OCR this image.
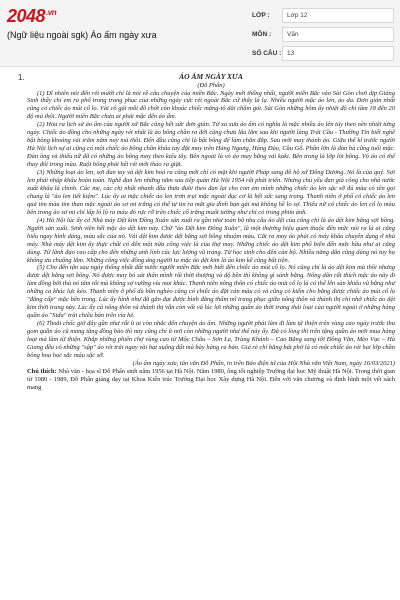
$2048^{.vn}$
(Ngữ liệu ngoài sgk) Áo ấm ngày xưa
LỚP :	Lớp 12
MÔN :	Văn
SỐ CÂU : 13
1.	ÁO ẤM NGÀY XƯA
(Đỗ Phấn)

(1) Dĩ nhiên nói đến rét mướt chỉ là nói về câu chuyện của miền Bắc. Ngày mới thống nhất, người miền Bắc vào Sài Gòn chơi dịp Giáng Sinh thấy chỉ em ra phố trong trang phục của những ngày cực rét ngoài Bắc cứ thấy là lạ. Nhiều người mặc áo len, áo da. Đơn giản nhất cũng có chiếc áo mút cổ lọ. Vài cô gái mỗi đồ chớt còn khoác chiếc măng-tô dài chấm gót. Sài Gòn những hôm ấy nhiệt độ chỉ tầm 18 đến 20 độ mà thôi. Người miền Bắc chưa ai phải mặc đến áo ấm.

(2) Hỏa ra lịch sử áo ấm của người xứ Bắc cũng hết sức đơn giản. Từ xa xưa áo ấm có nghĩa là mặc nhiều áo lên tủy theo nền nhiệt từng ngày. Chiếc áo đồng cho những ngày rét nhất là áo bông chần ra đời cũng chưa lâu lắm sau khi người làng Trát Cầu - Thường Tín biết nghề bật bông khoảng vài trăm năm nay mà thôi. Đến đầu cũng chỉ là bật bông để làm chăn đắp. Sau mới may thành áo. Giữa thế kỉ trước người Hà Nội lịch sự ai cũng có một chiếc áo bông chần khâu tay đặt may trên Hàng Ngang, Hàng Đào, Cầu Gỗ. Phần lớn là đàn bà cũng tuổi mặc. Đàn ông và thiếu nữ đã có những áo bông may theo kiểu tây. Bên ngoài là vỏ áo may bằng vải kaki. Bên trong là lớp lót bông. Vỏ áo có thể thay đổi trong mùa. Ruột bông phải hết rét mới tháo ra giặt.

(3) Những loại áo len, sợi đan tay và dệt kim hoá ra cũng mới chỉ có mặt khi người Pháp sang đô hộ xứ Đông Dương. Nó là của quý. Sợi len phải nhập khẩu hoàn toàn. Nghề đan len những năm sau tiếp quản Hà Nội 1954 rất phát triển. Nhưng chủ yếu đan giả công cho nhà nước xuất khẩu là chính. Các mẹ, các chị nhất nhanh đầu thưa đuôi theo đan lại cho con em mình những chiếc áo len sặc sỡ đủ màu có tên gọi chung là "áo len tiết kiệm". Lúc ấy ai mặc chiếc áo len trơn trụi mặc ngoài đục cơ là hết sức sang trọng. Thanh niên ở phố có chiếc áo len quả tim màu tím than mặc ngoài áo sơ mi trắng có thể tự tin ra mắt gia đình bạn gái mà không hề lo sợ. Thiếu nữ có chiếc áo len cổ lọ màu bên trong áo sơ mi chỉ lấp ló lộ ra màu đỏ rực rỡ trên chiếc cổ trắng muốt tướng như chỉ có trong phim ảnh.

(4) Hà Nội lúc ấy có Nhà máy Dệt kim Đông Xuân sản xuất ra gần như toàn bộ nhu cầu áo dệt của công chỉ là áo dệt kim bằng sợi bông. Người sản xuất. Sinh viên hết mặc áo dệt kim này. Chữ "áo Dệt kim Đông Xuân", là một thương hiệu quen thuộc đến mức nói ra là ai cũng hiểu ngay hình dáng, màu sắc của nó. Vài dệt kim được dệt bằng sợi bông nhuộm màu. Cắt ra may áo phải có máy khâu chuyên dụng ở nhà máy. Nhà máy dệt kim ấy thực chất có đến một nửa công việc là của thợ may. Những chiếc áo dệt kim phổ biến đến mức hầu như ai cũng dùng. Từ lãnh đạo cao cấp cho đến những anh lính các lực lượng vũ trang. Từ học sinh cho đến cán bộ. Nhiều năng dân cũng dùng nó tuy họ không ưa chuộng lắm. Những công việc đồng áng người ta mặc áo dệt kim là áo kim kế cũng bất tiện.

(5) Cho đến tận sau ngày thống nhất đất nước người miền Bắc mới biết đến chiếc áo mút cổ lọ. Nó cũng chỉ là áo dệt kim mà thôi nhưng được dệt bằng sợi bông. Nó được may bó sát thân mình rất thời thượng và độ bền thì không gì sánh bằng. Nông dân rất thích mặc áo này đi làm đồng bởi thà nó tăm tối mà không sợ vướng víu mọi khác. Thanh niên nông thôn có chiếc áo mút cổ lọ là có thể lên sàn khiêu vũ bằng như những ca khúc lực kéo. Thanh niên ở phố dù bần nghèo cũng có chiếc áo đặt cản màu có và cũng có kiếm cho bằng được chiếc áo mút cổ lọ "đẳng cấp" mặc bên trong. Lúc ấy hình như đã gắn đạt được bình đẳng thẩm mĩ trang phục giữa nông thôn và thành thị chỉ nhờ chiếc áo dệt kim thời trang này. Lúc ấy cả nông thôn và thành thị vẫn còn vất vả lúc lợi những quần áo thời trang thải loại của người ngoài ở những hàng quần áo "Sida" trải chiếu bán trên vỉa hè.

(6) Thoắt chốc giờ đây gần như rất ít ai còn nhắc đến chuyện áo ấm. Những người phát làm đi làm từ thiện trên vùng cao ngày trước thu gom quần áo cũ mang tặng đồng bào thì nay cũng chỉ ít nơi còn những người như thế này ấy. Đã có lòng thì trên tặng quần áo mới mua hàng loạt mà làm từ thiện. Khắp những phiên chợ vùng cao từ Mộc Châu – Sơn La, Trùng Khánh – Cao Bằng sang tới Đồng Văn, Mèo Vạc – Hà Giang đều có những "sập" áo rét trải ngay vài bạt xuống đất mà bày hàng ra bán. Giá rẻ chỉ bằng bát phở là có một chiếc áo rét hai lớp chần bông hoa học sắc màu sặc sỡ.

(Áo ấm ngày xưa, tản văn Đỗ Phấn, in trên Báo điện tử của Hội Nhà văn Việt Nam, ngày 16/03/2021)

Chú thích: Nhà văn - họa sĩ Đỗ Phấn sinh năm 1956 tại Hà Nội. Năm 1980, ông tốt nghiệp Trường đại học Mỹ thuật Hà Nội. Trong thời gian từ 1980 - 1989, Đỗ Phấn giảng dạy tại Khoa Kiến trúc Trường Đại học Xây dựng Hà Nội. Đến với văn chương và định hình một vết sách mang
